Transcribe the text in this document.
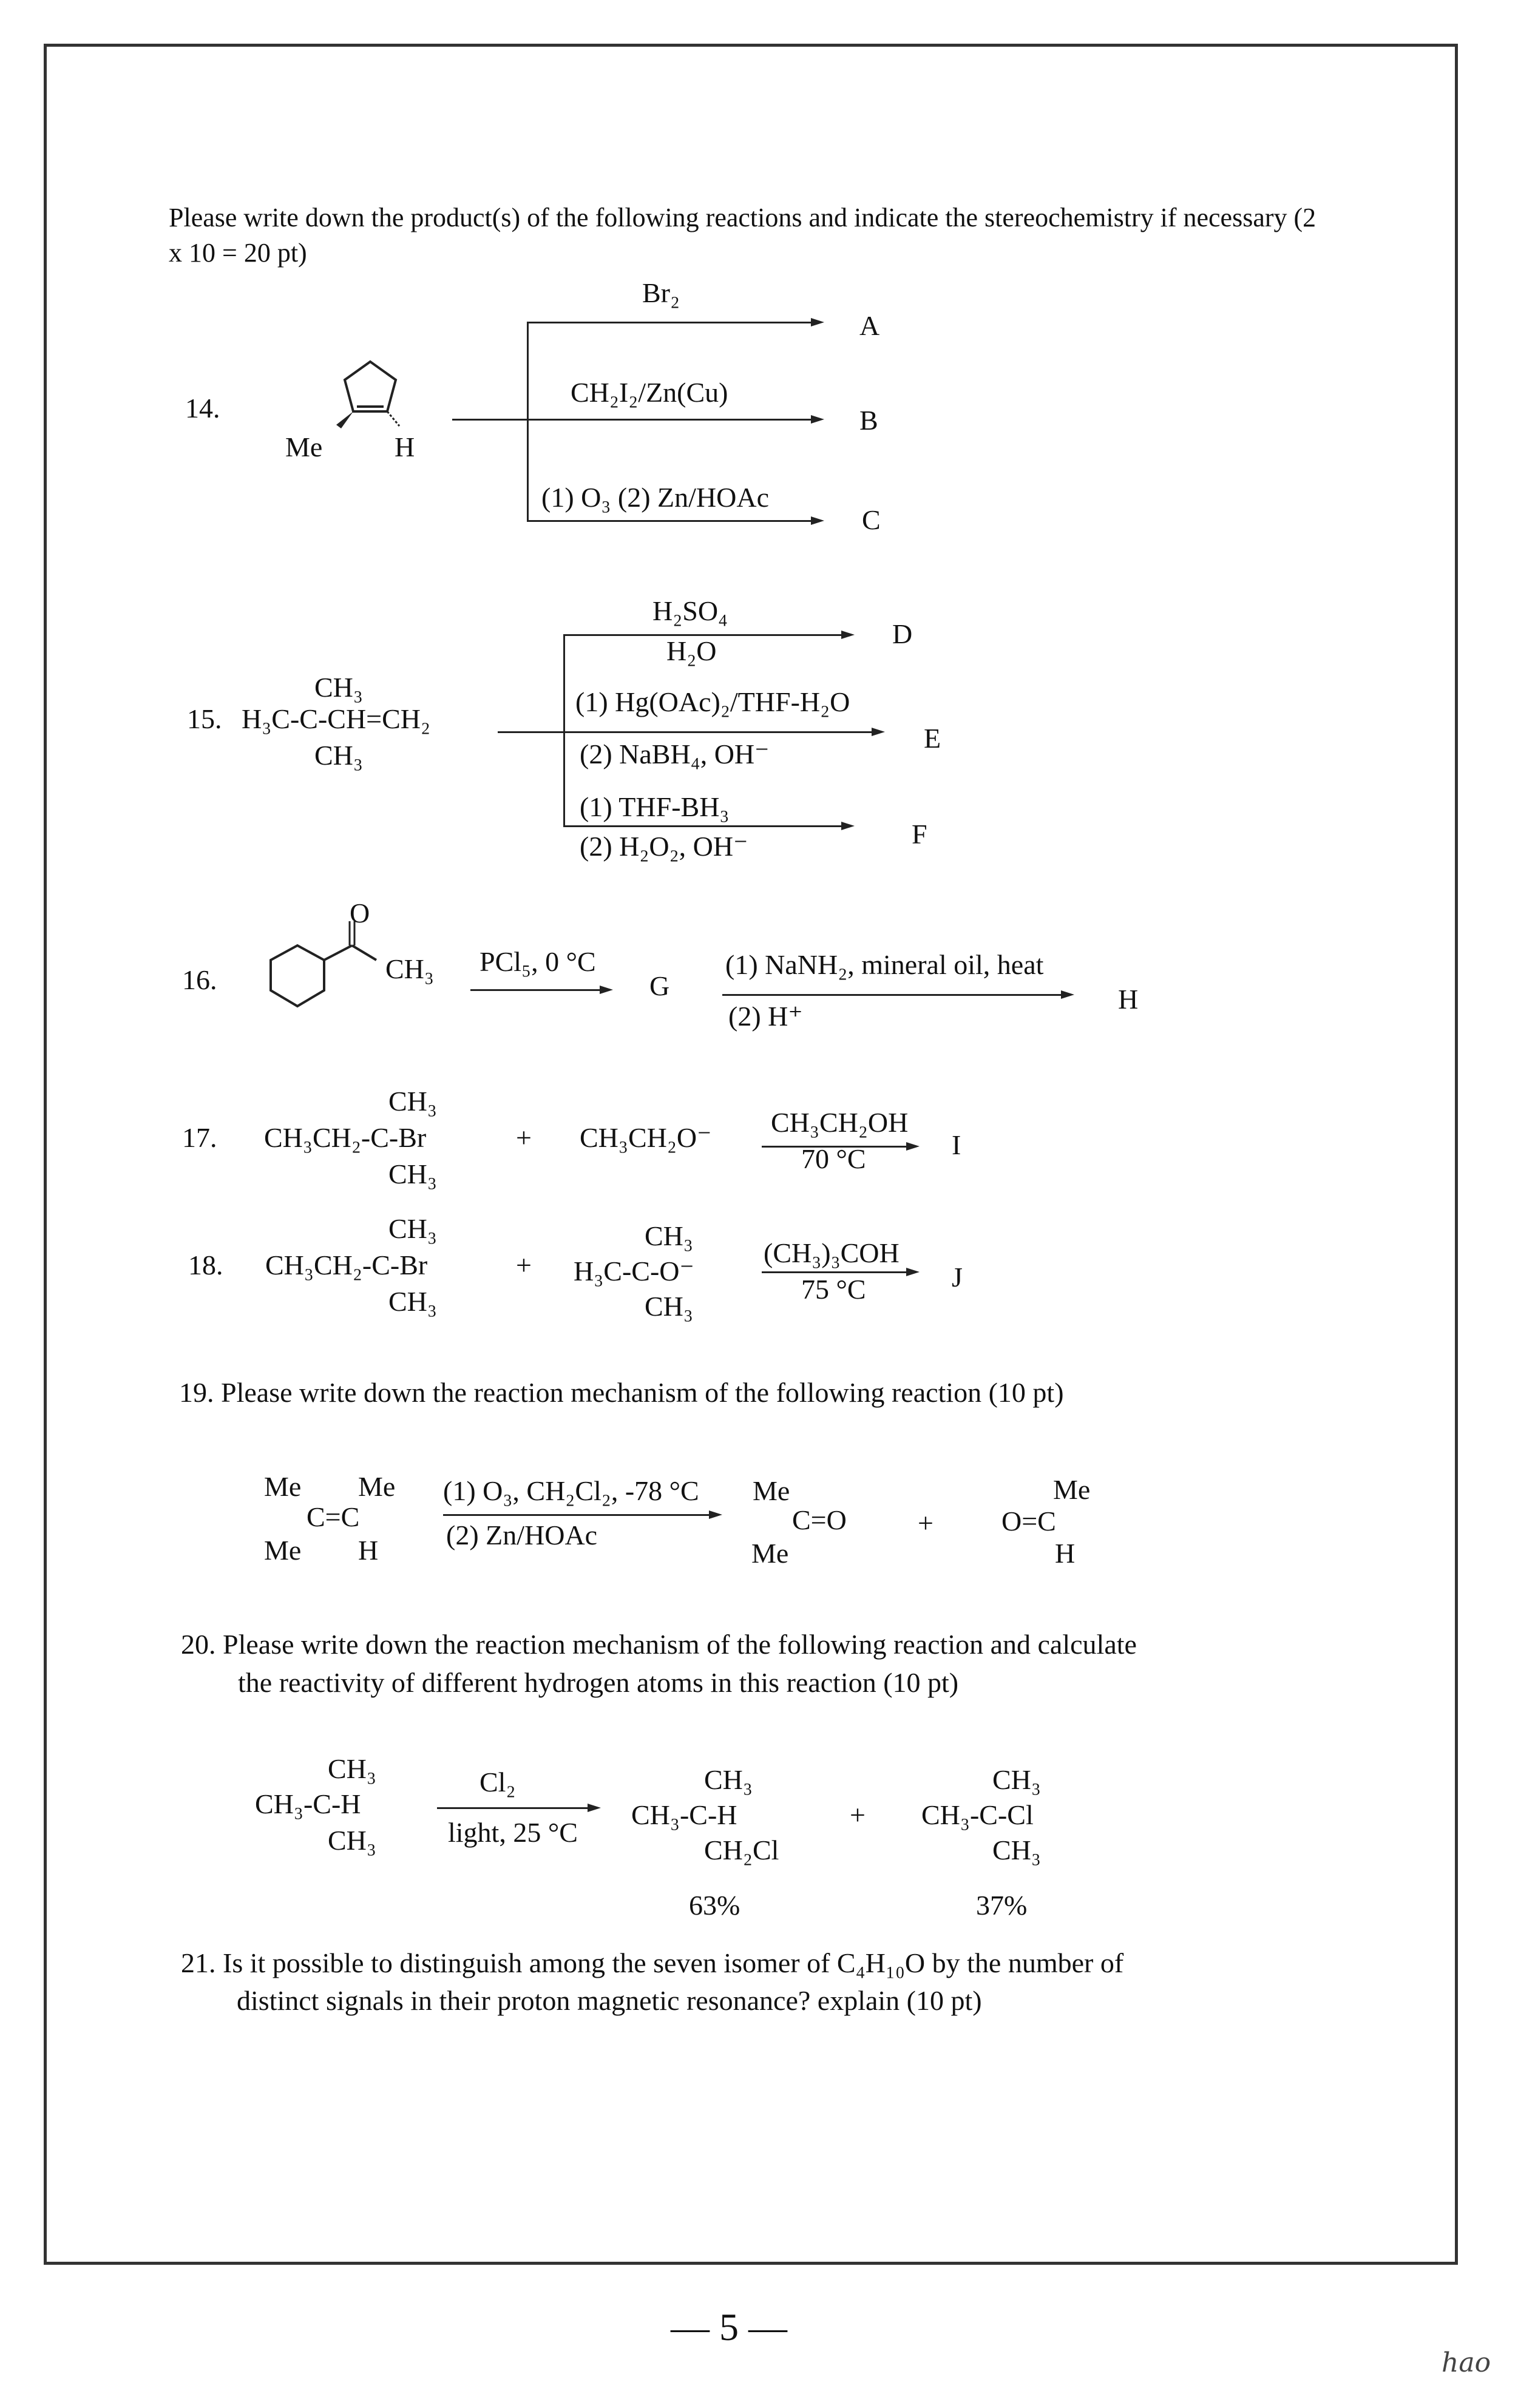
Please write down the product(s) of the following reactions and indicate the stereochemistry if necessary (2 x 10 = 20 pt)
14.
Me	H
Br₂
CH₂I₂/Zn(Cu)
(1) O₃ (2) Zn/HOAc
A
B
C
15.
CH₃
H₃C-C-CH=CH₂
CH₃
H₂SO₄
H₂O
(1) Hg(OAc)₂/THF-H₂O
(2) NaBH₄, OH⁻
(1) THF-BH₃
(2) H₂O₂, OH⁻
D
E
F
16.
O
CH₃ PCl₅, 0 °C
G
(1) NaNH₂, mineral oil, heat
(2) H⁺
H
17.
CH₃
CH₃CH₂-C-Br
CH₃
+ CH₃CH₂O⁻ CH₃CH₂OH
70 °C	I
18.
CH₃
CH₃CH₂-C-Br
CH₃
+
CH₃
H₃C-C-O⁻
CH₃
(CH₃)₃COH
75 °C	J
19. Please write down the reaction mechanism of the following reaction (10 pt)
Me Me
C=C
Me H
(1) O₃, CH₂Cl₂, -78 °C
(2) Zn/HOAc
Me
C=O
Me
+
Me
O=C
H
20. Please write down the reaction mechanism of the following reaction and calculate
the reactivity of different hydrogen atoms in this reaction (10 pt)
CH₃
CH₃-C-H
CH₃
Cl₂
light, 25 °C
CH₃
CH₃-C-H
CH₂Cl
63%
+
CH₃
CH₃-C-Cl
CH₃
37%
21. Is it possible to distinguish among the seven isomer of C₄H₁₀O by the number of
distinct signals in their proton magnetic resonance? explain (10 pt)
— 5 —
hao
